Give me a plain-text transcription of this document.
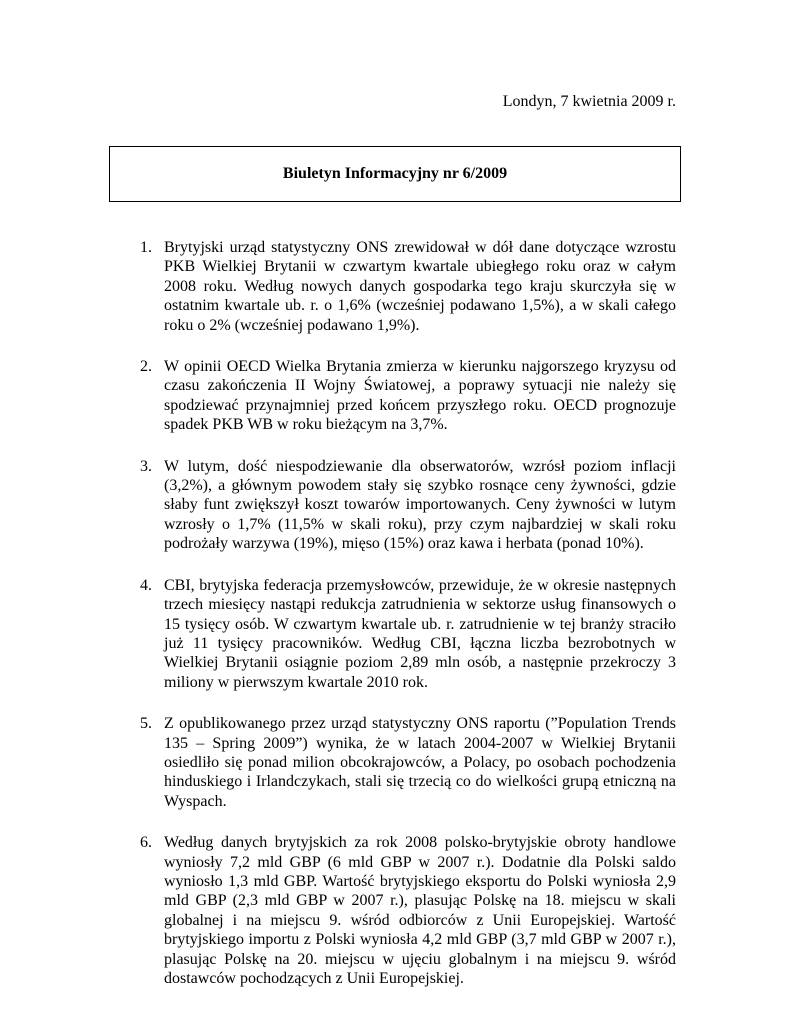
Londyn, 7 kwietnia 2009 r.
Biuletyn Informacyjny nr 6/2009
1. Brytyjski urząd statystyczny ONS zrewidował w dół dane dotyczące wzrostu PKB Wielkiej Brytanii w czwartym kwartale ubiegłego roku oraz w całym 2008 roku. Według nowych danych gospodarka tego kraju skurczyła się w ostatnim kwartale ub. r. o 1,6% (wcześniej podawano 1,5%), a w skali całego roku o 2% (wcześniej podawano 1,9%).
2. W opinii OECD Wielka Brytania zmierza w kierunku najgorszego kryzysu od czasu zakończenia II Wojny Światowej, a poprawy sytuacji nie należy się spodziewać przynajmniej przed końcem przyszłego roku. OECD prognozuje spadek PKB WB w roku bieżącym na 3,7%.
3. W lutym, dość niespodziewanie dla obserwatorów, wzrósł poziom inflacji (3,2%), a głównym powodem stały się szybko rosnące ceny żywności, gdzie słaby funt zwiększył koszt towarów importowanych. Ceny żywności w lutym wzrosły o 1,7% (11,5% w skali roku), przy czym najbardziej w skali roku podrożały warzywa (19%), mięso (15%) oraz kawa i herbata (ponad 10%).
4. CBI, brytyjska federacja przemysłowców, przewiduje, że w okresie następnych trzech miesięcy nastąpi redukcja zatrudnienia w sektorze usług finansowych o 15 tysięcy osób. W czwartym kwartale ub. r. zatrudnienie w tej branży straciło już 11 tysięcy pracowników. Według CBI, łączna liczba bezrobotnych w Wielkiej Brytanii osiągnie poziom 2,89 mln osób, a następnie przekroczy 3 miliony w pierwszym kwartale 2010 rok.
5. Z opublikowanego przez urząd statystyczny ONS raportu (”Population Trends 135 – Spring 2009”) wynika, że w latach 2004-2007 w Wielkiej Brytanii osiedliło się ponad milion obcokrajowców, a Polacy, po osobach pochodzenia hinduskiego i Irlandczykach, stali się trzecią co do wielkości grupą etniczną na Wyspach.
6. Według danych brytyjskich za rok 2008 polsko-brytyjskie obroty handlowe wyniosły 7,2 mld GBP (6 mld GBP w 2007 r.). Dodatnie dla Polski saldo wyniosło 1,3 mld GBP. Wartość brytyjskiego eksportu do Polski wyniosła 2,9 mld GBP (2,3 mld GBP w 2007 r.), plasując Polskę na 18. miejscu w skali globalnej i na miejscu 9. wśród odbiorców z Unii Europejskiej. Wartość brytyjskiego importu z Polski wyniosła 4,2 mld GBP (3,7 mld GBP w 2007 r.), plasując Polskę na 20. miejscu w ujęciu globalnym i na miejscu 9. wśród dostawców pochodzących z Unii Europejskiej.
